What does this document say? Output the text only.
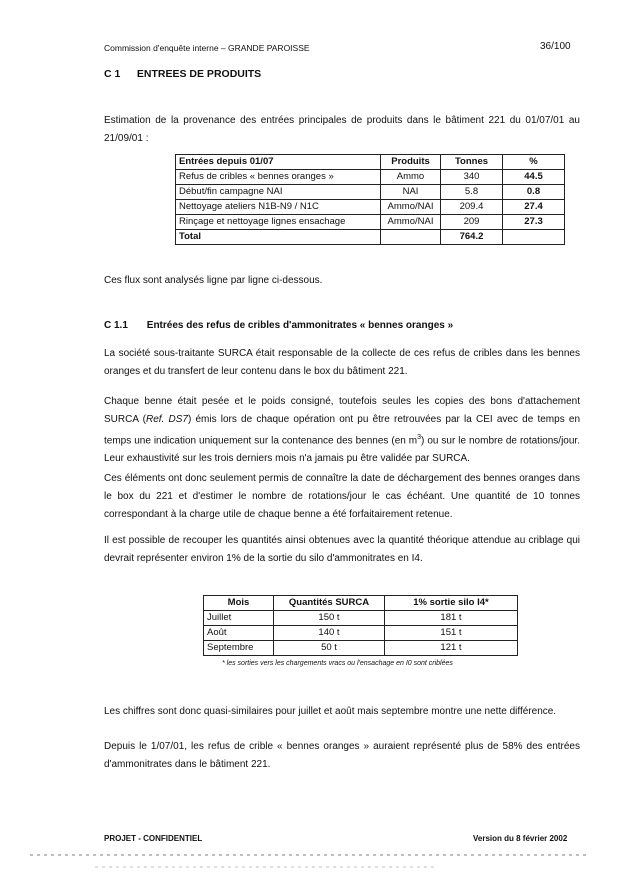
Commission d'enquête interne – GRANDE PAROISSE	36/100
C 1 ENTREES DE PRODUITS
Estimation de la provenance des entrées principales de produits dans le bâtiment 221 du 01/07/01 au 21/09/01 :
Entrées depuis 01/07	Produits	Tonnes	%
Refus de cribles « bennes oranges »	Ammo	340	44.5
Début/fin campagne NAI	NAI	5.8	0.8
Nettoyage ateliers N1B-N9 / N1C	Ammo/NAI	209.4	27.4
Rinçage et nettoyage lignes ensachage	Ammo/NAI	209	27.3
Total		764.2	
Ces flux sont analysés ligne par ligne ci-dessous.
C 1.1 Entrées des refus de cribles d'ammonitrates « bennes oranges »
La société sous-traitante SURCA était responsable de la collecte de ces refus de cribles dans les bennes oranges et du transfert de leur contenu dans le box du bâtiment 221.
Chaque benne était pesée et le poids consigné, toutefois seules les copies des bons d'attachement SURCA (Ref. DS7) émis lors de chaque opération ont pu être retrouvées par la CEI avec de temps en temps une indication uniquement sur la contenance des bennes (en $m^3$) ou sur le nombre de rotations/jour. Leur exhaustivité sur les trois derniers mois n'a jamais pu être validée par SURCA.
Ces éléments ont donc seulement permis de connaître la date de déchargement des bennes oranges dans le box du 221 et d'estimer le nombre de rotations/jour le cas échéant. Une quantité de 10 tonnes correspondant à la charge utile de chaque benne a été forfaitairement retenue.
Il est possible de recouper les quantités ainsi obtenues avec la quantité théorique attendue au criblage qui devrait représenter environ 1% de la sortie du silo d'ammonitrates en I4.
Mois	Quantités SURCA	1% sortie silo I4*
Juillet	150 t	181 t
Août	140 t	151 t
Septembre	50 t	121 t
* les sorties vers les chargements vracs ou l'ensachage en I0 sont criblées
Les chiffres sont donc quasi-similaires pour juillet et août mais septembre montre une nette différence.
Depuis le 1/07/01, les refus de crible « bennes oranges » auraient représenté plus de 58% des entrées d'ammonitrates dans le bâtiment 221.
PROJET - CONFIDENTIEL	Version du 8 février 2002
